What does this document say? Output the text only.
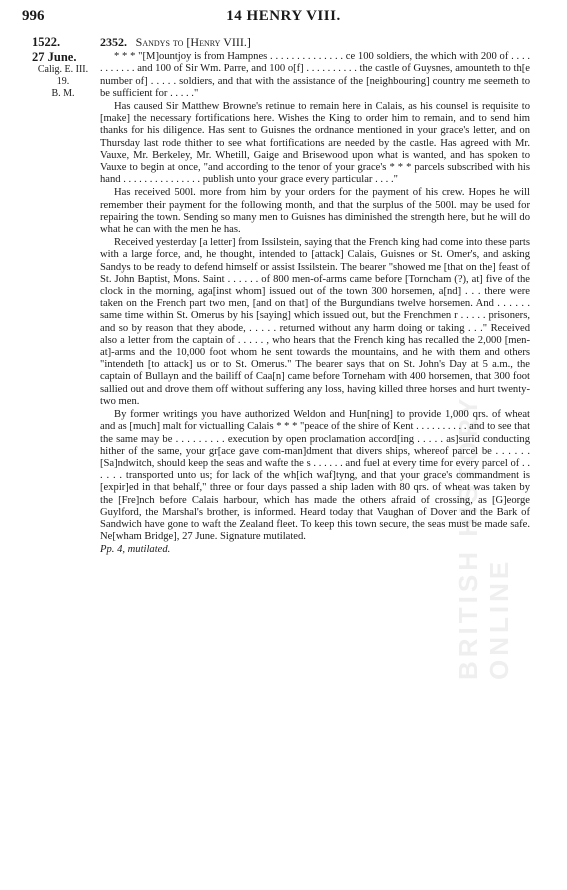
996	14 HENRY VIII.
1522.
27 June.
Calig. E. III.
19.
B. M.
BRITISH HISTORY ONLINE

2352. Sandys to [Henry VIII.]

* * * "[M]ountjoy is from Hampnes . . . . . . . . . . . . . . ce 100 soldiers, the which with 200 of . . . . . . . . . . . and 100 of Sir Wm. Parre, and 100 o[f] . . . . . . . . . . the castle of Guysnes, amounteth to th[e number of] . . . . . soldiers, and that with the assistance of the [neighbouring] country me seemeth to be sufficient for . . . . ."

Has caused Sir Matthew Browne's retinue to remain here in Calais, as his counsel is requisite to [make] the necessary fortifications here. Wishes the King to order him to remain, and to send him thanks for his diligence. Has sent to Guisnes the ordnance mentioned in your grace's letter, and on Thursday last rode thither to see what fortifications are needed by the castle. Has agreed with Mr. Vauxe, Mr. Berkeley, Mr. Whetill, Gaige and Brisewood upon what is wanted, and has spoken to Vauxe to begin at once, "and according to the tenor of your grace's * * * parcels subscribed with his hand . . . . . . . . . . . . . . . publish unto your grace every particular . . . ."

Has received 500l. more from him by your orders for the payment of his crew. Hopes he will remember their payment for the following month, and that the surplus of the 500l. may be used for repairing the town. Sending so many men to Guisnes has diminished the strength here, but he will do what he can with the men he has.

Received yesterday [a letter] from Issilstein, saying that the French king had come into these parts with a large force, and, he thought, intended to [attack] Calais, Guisnes or St. Omer's, and asking Sandys to be ready to defend himself or assist Issilstein. The bearer "showed me [that on the] feast of St. John Baptist, Mons. Saint . . . . . . of 800 men-of-arms came before [Torncham (?), at] five of the clock in the morning, aga[inst whom] issued out of the town 300 horsemen, a[nd] . . . there were taken on the French part two men, [and on that] of the Burgundians twelve horsemen. And . . . . . . same time within St. Omerus by his [saying] which issued out, but the Frenchmen r . . . . . prisoners, and so by reason that they abode, . . . . . returned without any harm doing or taking . . ." Received also a letter from the captain of . . . . . , who hears that the French king has recalled the 2,000 [men-at]-arms and the 10,000 foot whom he sent towards the mountains, and he with them and others "intendeth [to attack] us or to St. Omerus." The bearer says that on St. John's Day at 5 a.m., the captain of Bullayn and the bailiff of Caa[n] came before Torneham with 400 horsemen, that 300 foot sallied out and drove them off without suffering any loss, having killed three horses and hurt twenty-two men.

By former writings you have authorized Weldon and Hun[ning] to provide 1,000 qrs. of wheat and as [much] malt for victualling Calais * * * "peace of the shire of Kent . . . . . . . . . . and to see that the same may be . . . . . . . . . execution by open proclamation accord[ing . . . . . as]surid conducting hither of the same, your gr[ace gave com-man]dment that divers ships, whereof parcel be . . . . . . [Sa]ndwitch, should keep the seas and wafte the s . . . . . . and fuel at every time for every parcel of . . . . . . transported unto us; for lack of the wh[ich waf]tyng, and that your grace's commandment is [expir]ed in that behalf," three or four days passed a ship laden with 80 qrs. of wheat was taken by the [Fre]nch before Calais harbour, which has made the others afraid of crossing, as [G]eorge Guylford, the Marshal's brother, is informed. Heard today that Vaughan of Dover and the Bark of Sandwich have gone to waft the Zealand fleet. To keep this town secure, the seas must be made safe. Ne[wham Bridge], 27 June. Signature mutilated.

Pp. 4, mutilated.
